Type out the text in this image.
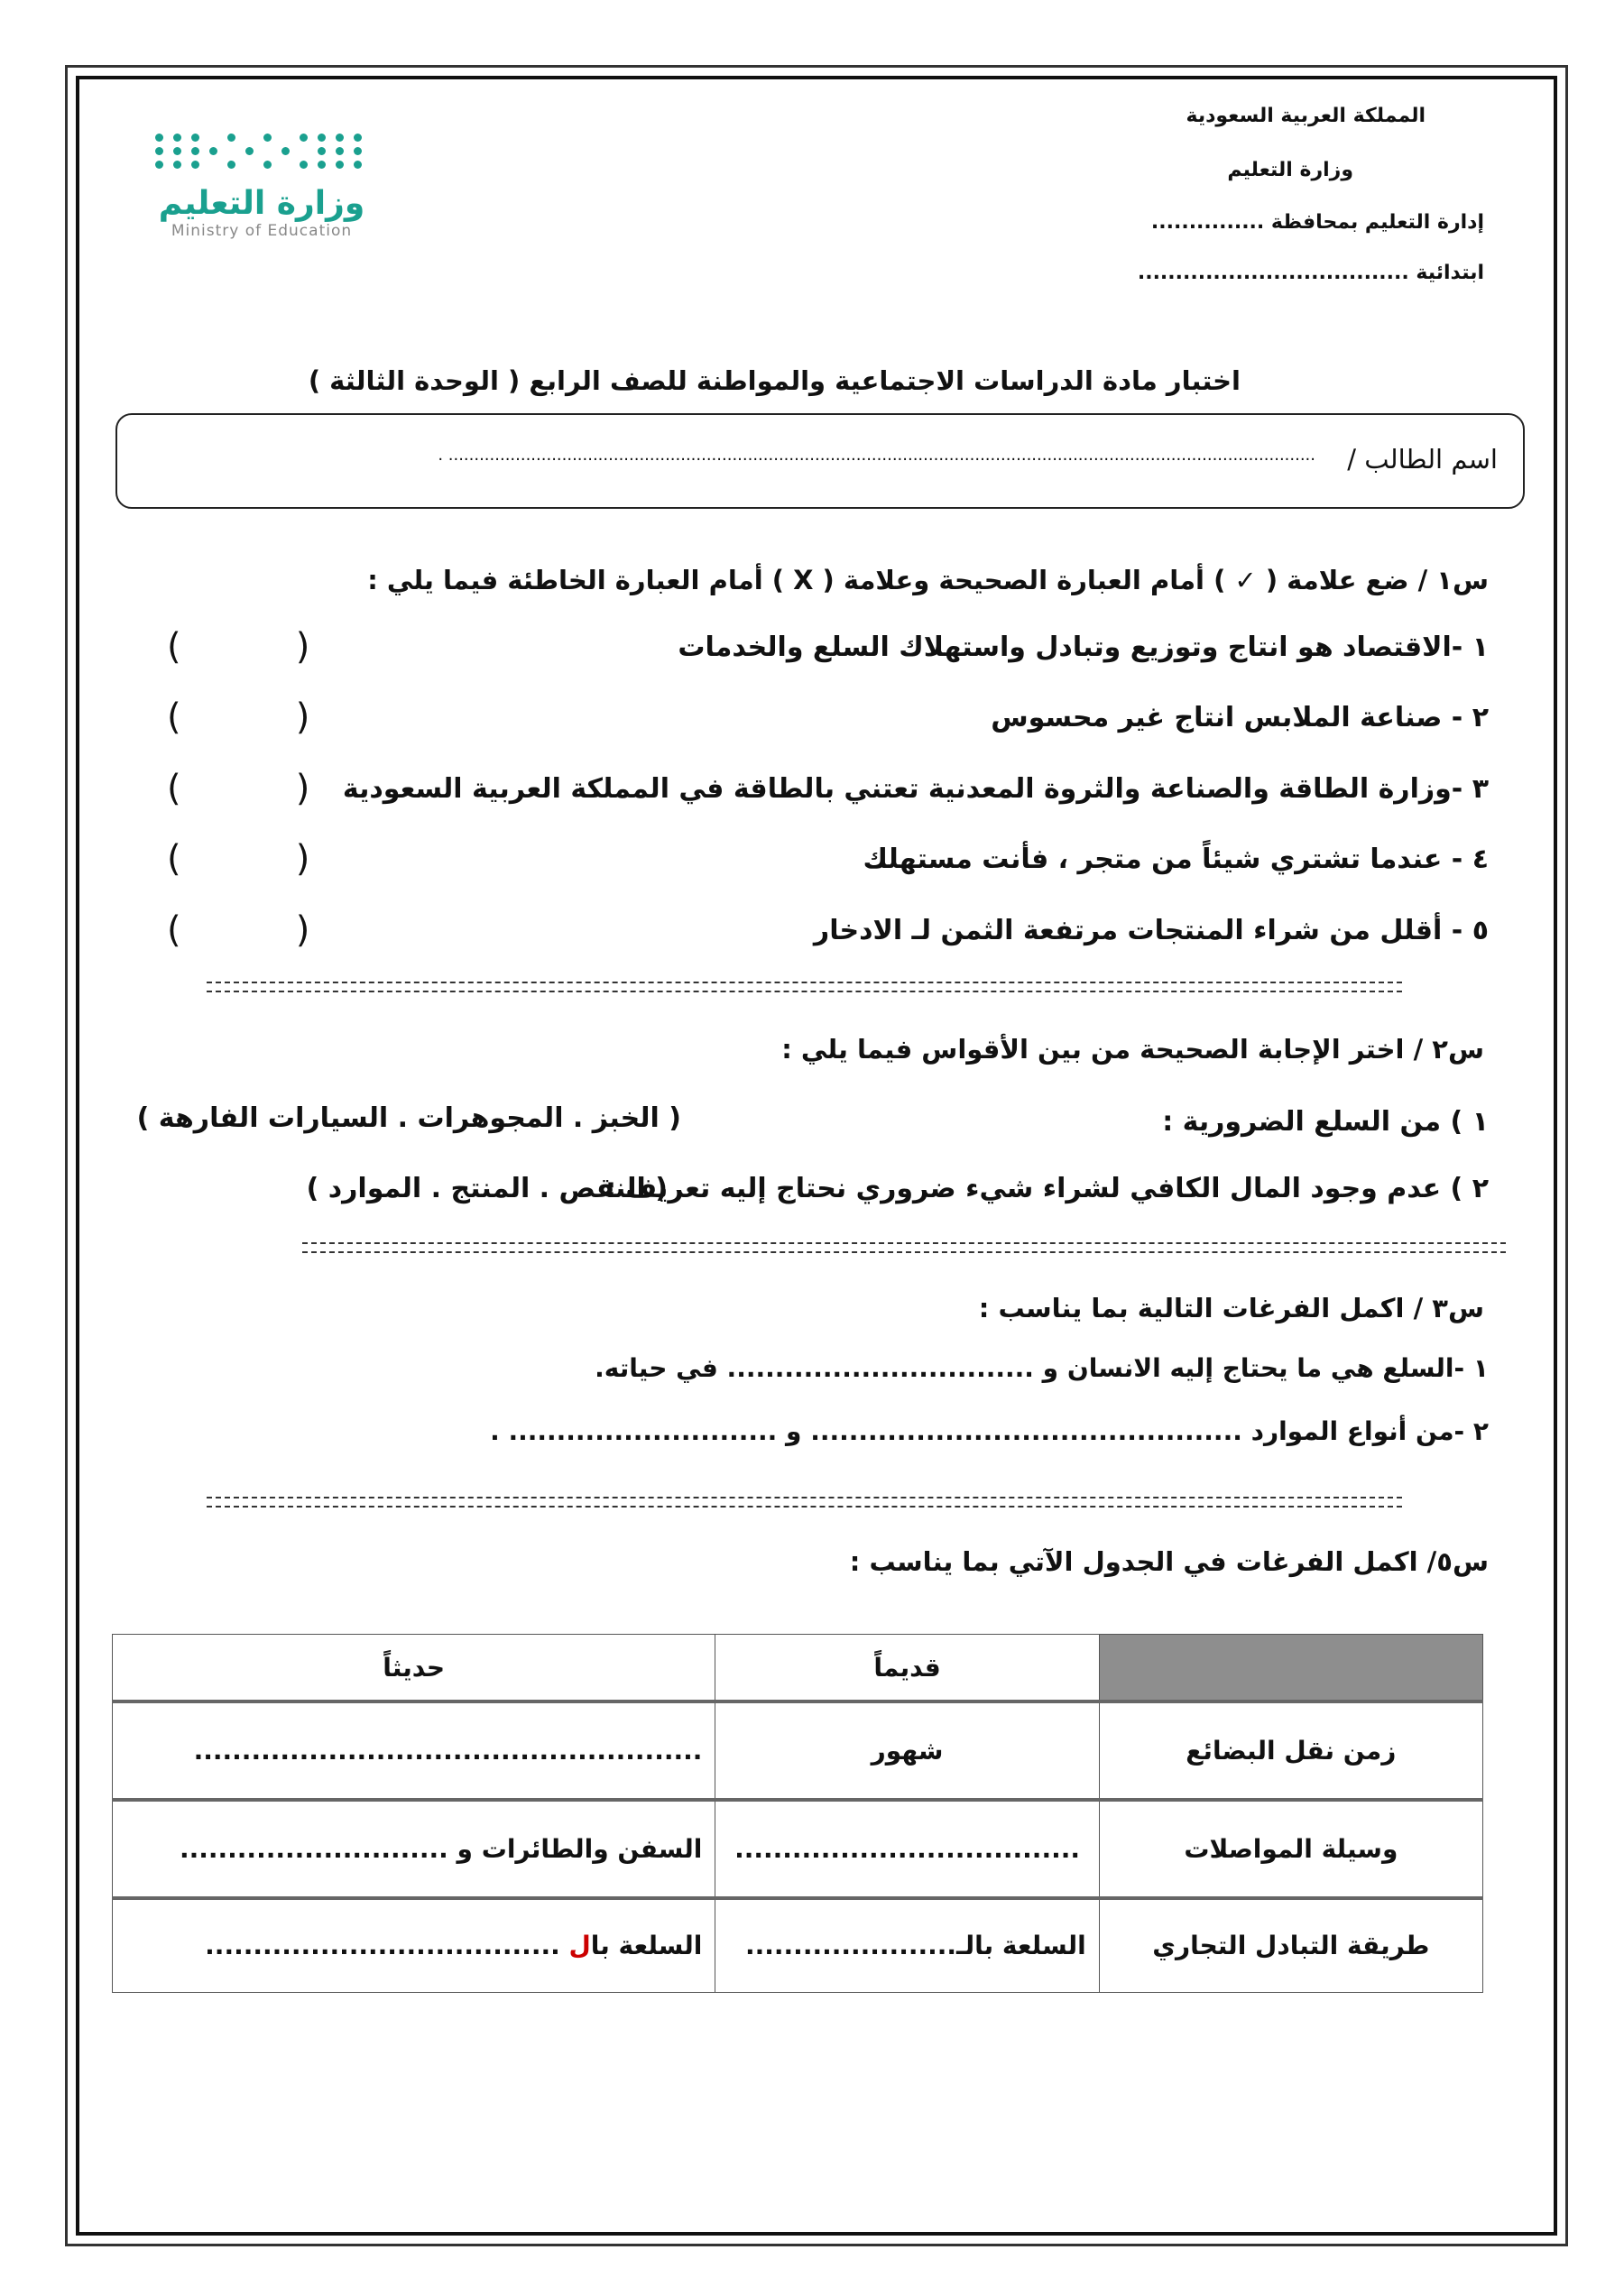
وزارة التعليم
Ministry of Education
المملكة العربية السعودية
وزارة التعليم
إدارة التعليم بمحافظة ...............
ابتدائية ....................................
اختبار مادة الدراسات الاجتماعية والمواطنة للصف الرابع ( الوحدة الثالثة )
اسم الطالب /
........................................................................................................................................................................ .
س١ / ضع علامة ( ✓ ) أمام العبارة الصحيحة وعلامة ( X ) أمام العبارة الخاطئة فيما يلي :
١ -الاقتصاد هو انتاج وتوزيع وتبادل واستهلاك السلع والخدمات
(          )
٢ - صناعة الملابس انتاج غير محسوس
(          )
٣ -وزارة الطاقة والصناعة والثروة المعدنية تعتني بالطاقة في المملكة العربية السعودية
(          )
٤ - عندما تشتري شيئاً من متجر ، فأنت مستهلك
(          )
٥ - أقلل من شراء المنتجات مرتفعة الثمن لـ الادخار
(          )
س٢ / اختر الإجابة الصحيحة من بين الأقواس فيما يلي :
١ ) من السلع الضرورية :
( الخبز . المجوهرات . السيارات الفارهة )
٢ ) عدم وجود المال الكافي لشراء شيء ضروري نحتاج إليه تعريف :
( النقص . المنتج . الموارد )
س٣ / اكمل الفرغات التالية بما يناسب :
١ -السلع هي ما يحتاج إليه الانسان و ................................ في حياته.
٢ -من أنواع الموارد ............................................. و ............................ .
س٥/ اكمل الفرغات في الجدول الآتي بما يناسب :
	قديماً	حديثاً
زمن نقل البضائع	شهور	.....................................................
وسيلة المواصلات	....................................	السفن والطائرات و ............................
طريقة التبادل التجاري	السلعة بالـ......................	السلعة بال .....................................
